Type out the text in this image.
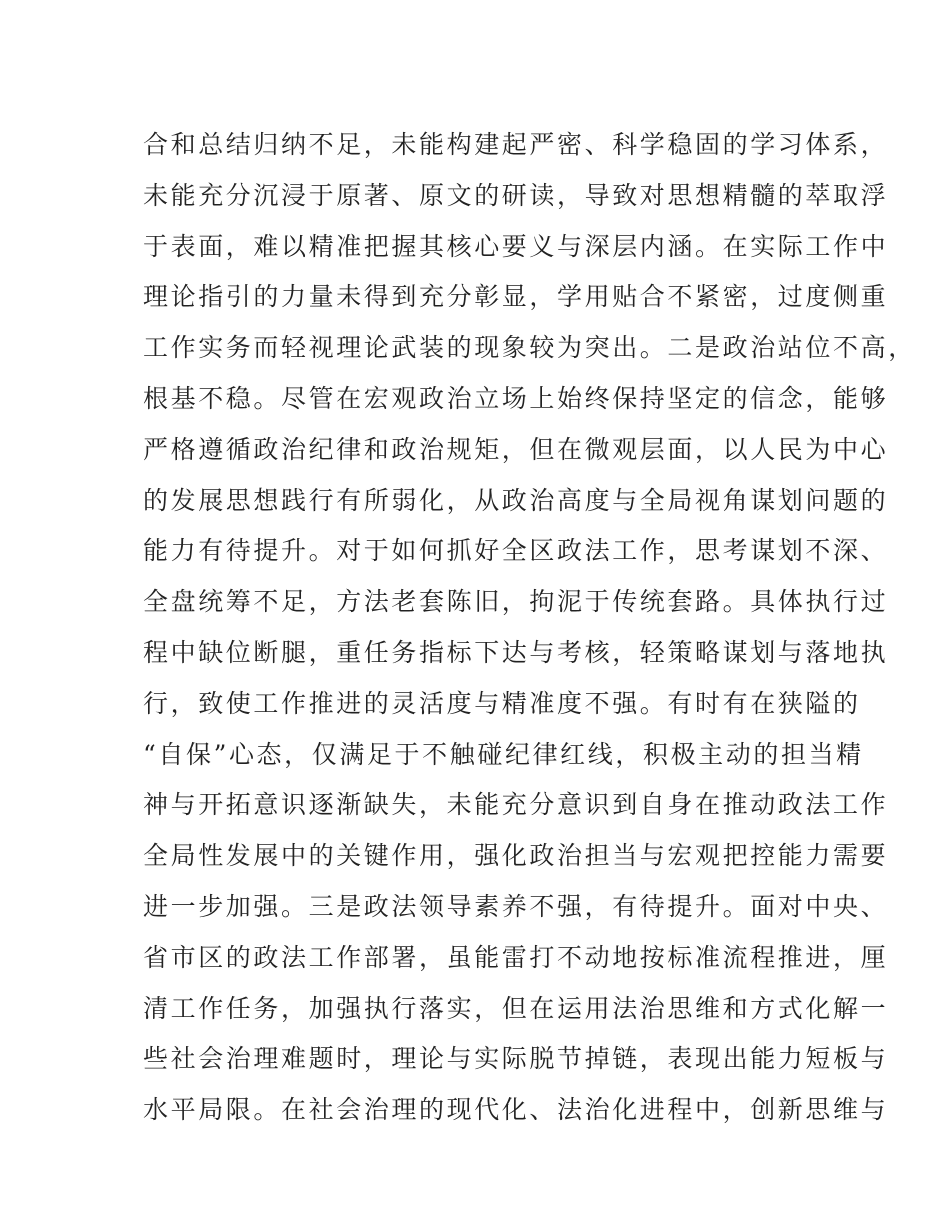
合和总结归纳不足，未能构建起严密、科学稳固的学习体系，
未能充分沉浸于原著、原文的研读，导致对思想精髓的萃取浮
于表面，难以精准把握其核心要义与深层内涵。在实际工作中
理论指引的力量未得到充分彰显，学用贴合不紧密，过度侧重
工作实务而轻视理论武装的现象较为突出。二是政治站位不高，
根基不稳。尽管在宏观政治立场上始终保持坚定的信念，能够
严格遵循政治纪律和政治规矩，但在微观层面，以人民为中心
的发展思想践行有所弱化，从政治高度与全局视角谋划问题的
能力有待提升。对于如何抓好全区政法工作，思考谋划不深、
全盘统筹不足，方法老套陈旧，拘泥于传统套路。具体执行过
程中缺位断腿，重任务指标下达与考核，轻策略谋划与落地执
行，致使工作推进的灵活度与精准度不强。有时有在狭隘的
“自保”心态，仅满足于不触碰纪律红线，积极主动的担当精
神与开拓意识逐渐缺失，未能充分意识到自身在推动政法工作
全局性发展中的关键作用，强化政治担当与宏观把控能力需要
进一步加强。三是政法领导素养不强，有待提升。面对中央、
省市区的政法工作部署，虽能雷打不动地按标准流程推进，厘
清工作任务，加强执行落实，但在运用法治思维和方式化解一
些社会治理难题时，理论与实际脱节掉链，表现出能力短板与
水平局限。在社会治理的现代化、法治化进程中，创新思维与
